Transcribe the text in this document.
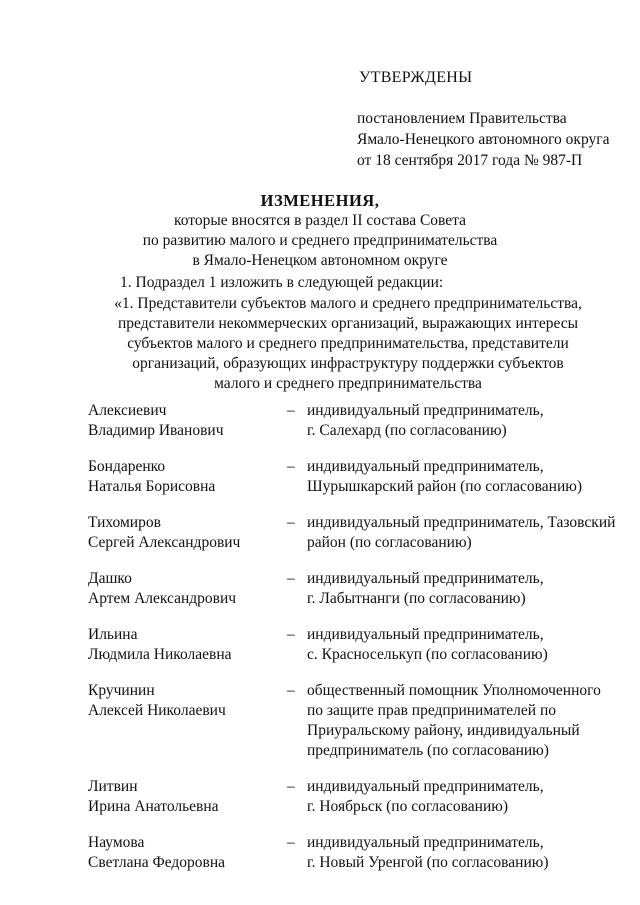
УТВЕРЖДЕНЫ
постановлением Правительства
Ямало-Ненецкого автономного округа
от 18 сентября 2017 года № 987-П
ИЗМЕНЕНИЯ,
которые вносятся в раздел II состава Совета
по развитию малого и среднего предпринимательства
в Ямало-Ненецком автономном округе
1. Подраздел 1 изложить в следующей редакции:
«1. Представители субъектов малого и среднего предпринимательства,
представители некоммерческих организаций, выражающих интересы
субъектов малого и среднего предпринимательства, представители
организаций, образующих инфраструктуру поддержки субъектов
малого и среднего предпринимательства
Алексиевич
Владимир Иванович
– индивидуальный предприниматель,
г. Салехард (по согласованию)
Бондаренко
Наталья Борисовна
– индивидуальный предприниматель,
Шурышкарский район (по согласованию)
Тихомиров
Сергей Александрович
– индивидуальный предприниматель, Тазовский
район (по согласованию)
Дашко
Артем Александрович
– индивидуальный предприниматель,
г. Лабытнанги (по согласованию)
Ильина
Людмила Николаевна
– индивидуальный предприниматель,
с. Красноселькуп (по согласованию)
Кручинин
Алексей Николаевич
– общественный помощник Уполномоченного
по защите прав предпринимателей по
Приуральскому району, индивидуальный
предприниматель (по согласованию)
Литвин
Ирина Анатольевна
– индивидуальный предприниматель,
г. Ноябрьск (по согласованию)
Наумова
Светлана Федоровна
– индивидуальный предприниматель,
г. Новый Уренгой (по согласованию)
